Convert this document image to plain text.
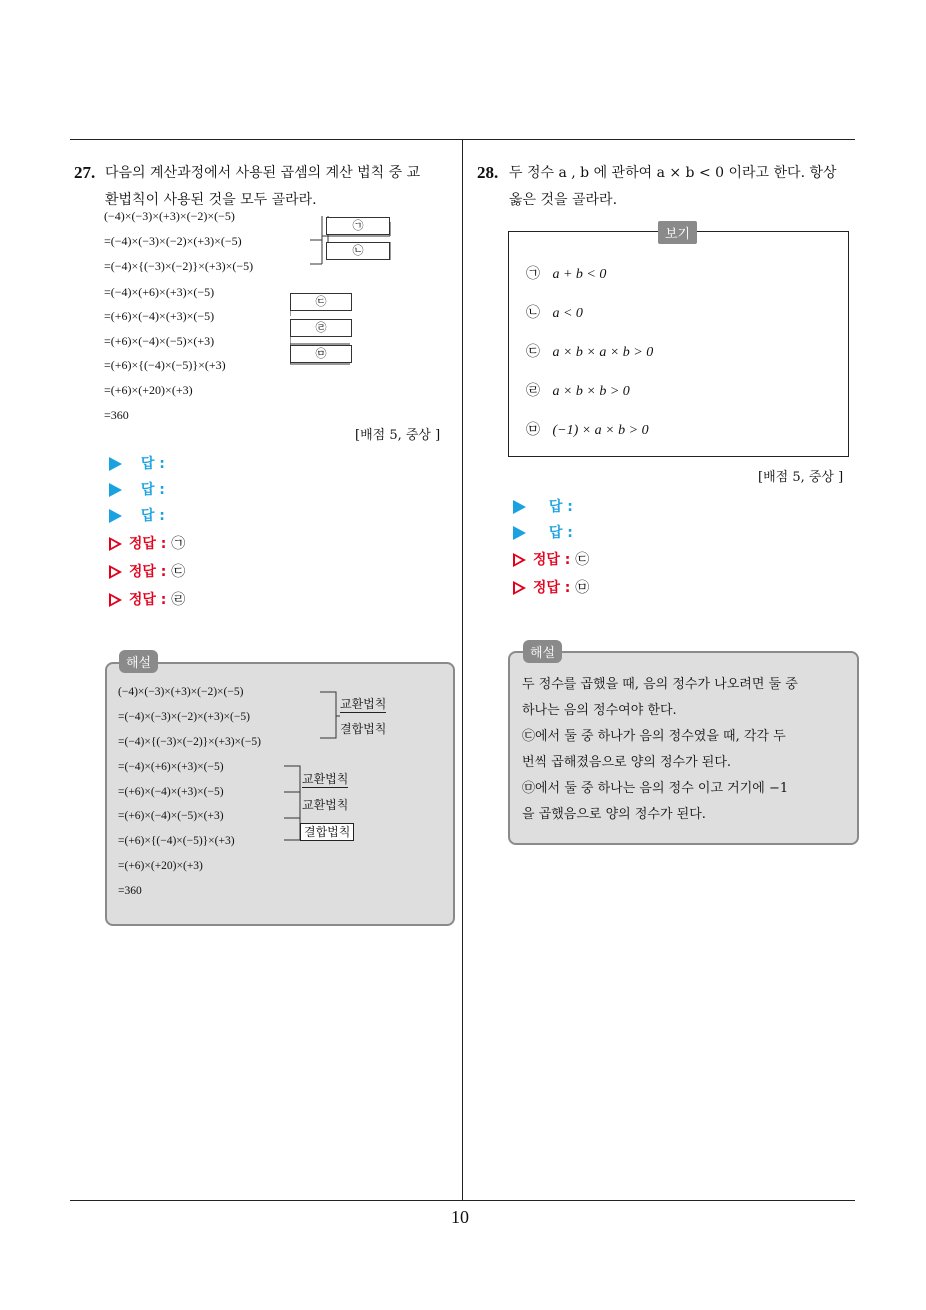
27. 다음의 계산과정에서 사용된 곱셈의 계산 법칙 중 교
환법칙이 사용된 것을 모두 골라라.
(−4)×(−3)×(+3)×(−2)×(−5)
=(−4)×(−3)×(−2)×(+3)×(−5)
=(−4)×{(−3)×(−2)}×(+3)×(−5)
=(−4)×(+6)×(+3)×(−5)
=(+6)×(−4)×(+3)×(−5)
=(+6)×(−4)×(−5)×(+3)
=(+6)×{(−4)×(−5)}×(+3)
=(+6)×(+20)×(+3)
=360
㉠
㉡
㉢
㉣
㉤
[배점 5, 중상 ]
답 :
답 :
답 :
정답 : ㉠
정답 : ㉢
정답 : ㉣
해설
(−4)×(−3)×(+3)×(−2)×(−5)
=(−4)×(−3)×(−2)×(+3)×(−5)
=(−4)×{(−3)×(−2)}×(+3)×(−5)
=(−4)×(+6)×(+3)×(−5)
=(+6)×(−4)×(+3)×(−5)
=(+6)×(−4)×(−5)×(+3)
=(+6)×{(−4)×(−5)}×(+3)
=(+6)×(+20)×(+3)
=360
교환법칙
결합법칙
교환법칙
교환법칙
결합법칙
28. 두 정수 a , b 에 관하여 a × b < 0 이라고 한다. 항상
옳은 것을 골라라.
보기
㉠ a + b < 0
㉡ a < 0
㉢ a × b × a × b > 0
㉣ a × b × b > 0
㉤ (−1) × a × b > 0
[배점 5, 중상 ]
답 :
답 :
정답 : ㉢
정답 : ㉤
해설
두 정수를 곱했을 때, 음의 정수가 나오려면 둘 중
하나는 음의 정수여야 한다.
㉢에서 둘 중 하나가 음의 정수였을 때, 각각 두
번씩 곱해졌음으로 양의 정수가 된다.
㉤에서 둘 중 하나는 음의 정수 이고 거기에 −1
을 곱했음으로 양의 정수가 된다.
10
